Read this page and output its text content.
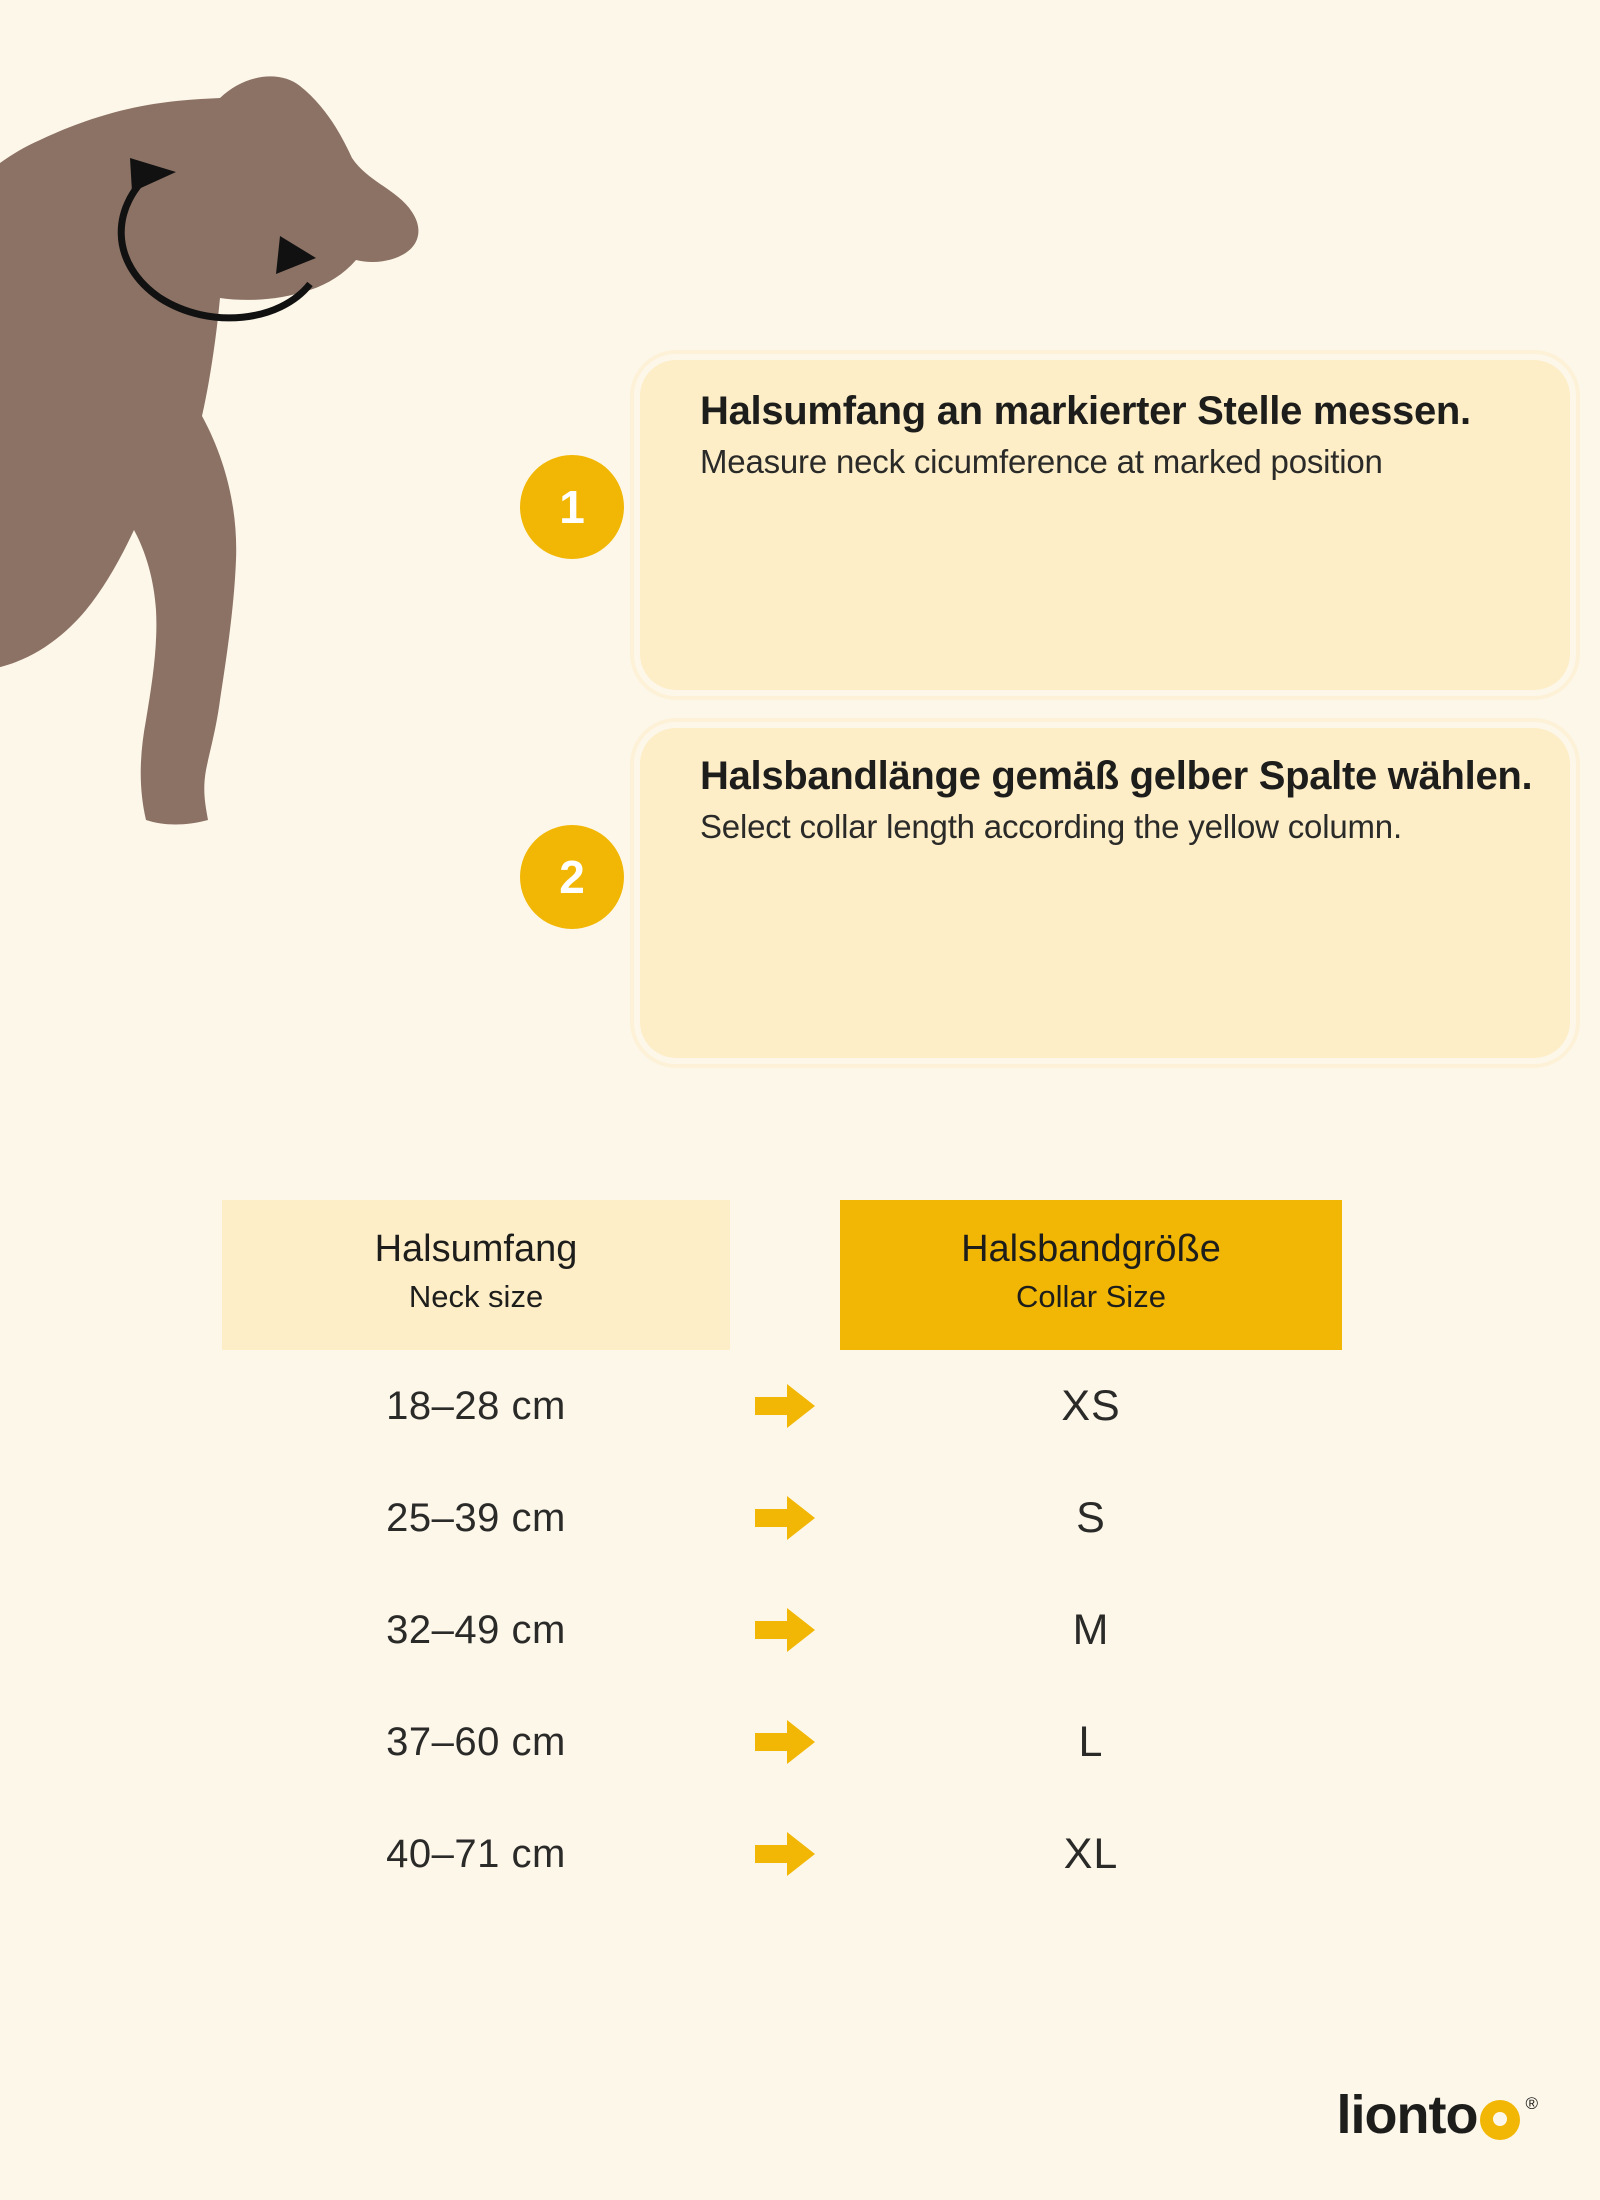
1

Halsumfang an markierter Stelle messen.

Measure neck cicumference at marked position

2

Halsbandlänge gemäß gelber Spalte wählen.

Select collar length according the yellow column.

Halsumfang
Neck size
Halsbandgröße
Collar Size
18–28 cm	XS
25–39 cm	S
32–49 cm	M
37–60 cm	L
40–71 cm	XL
lionto	®
